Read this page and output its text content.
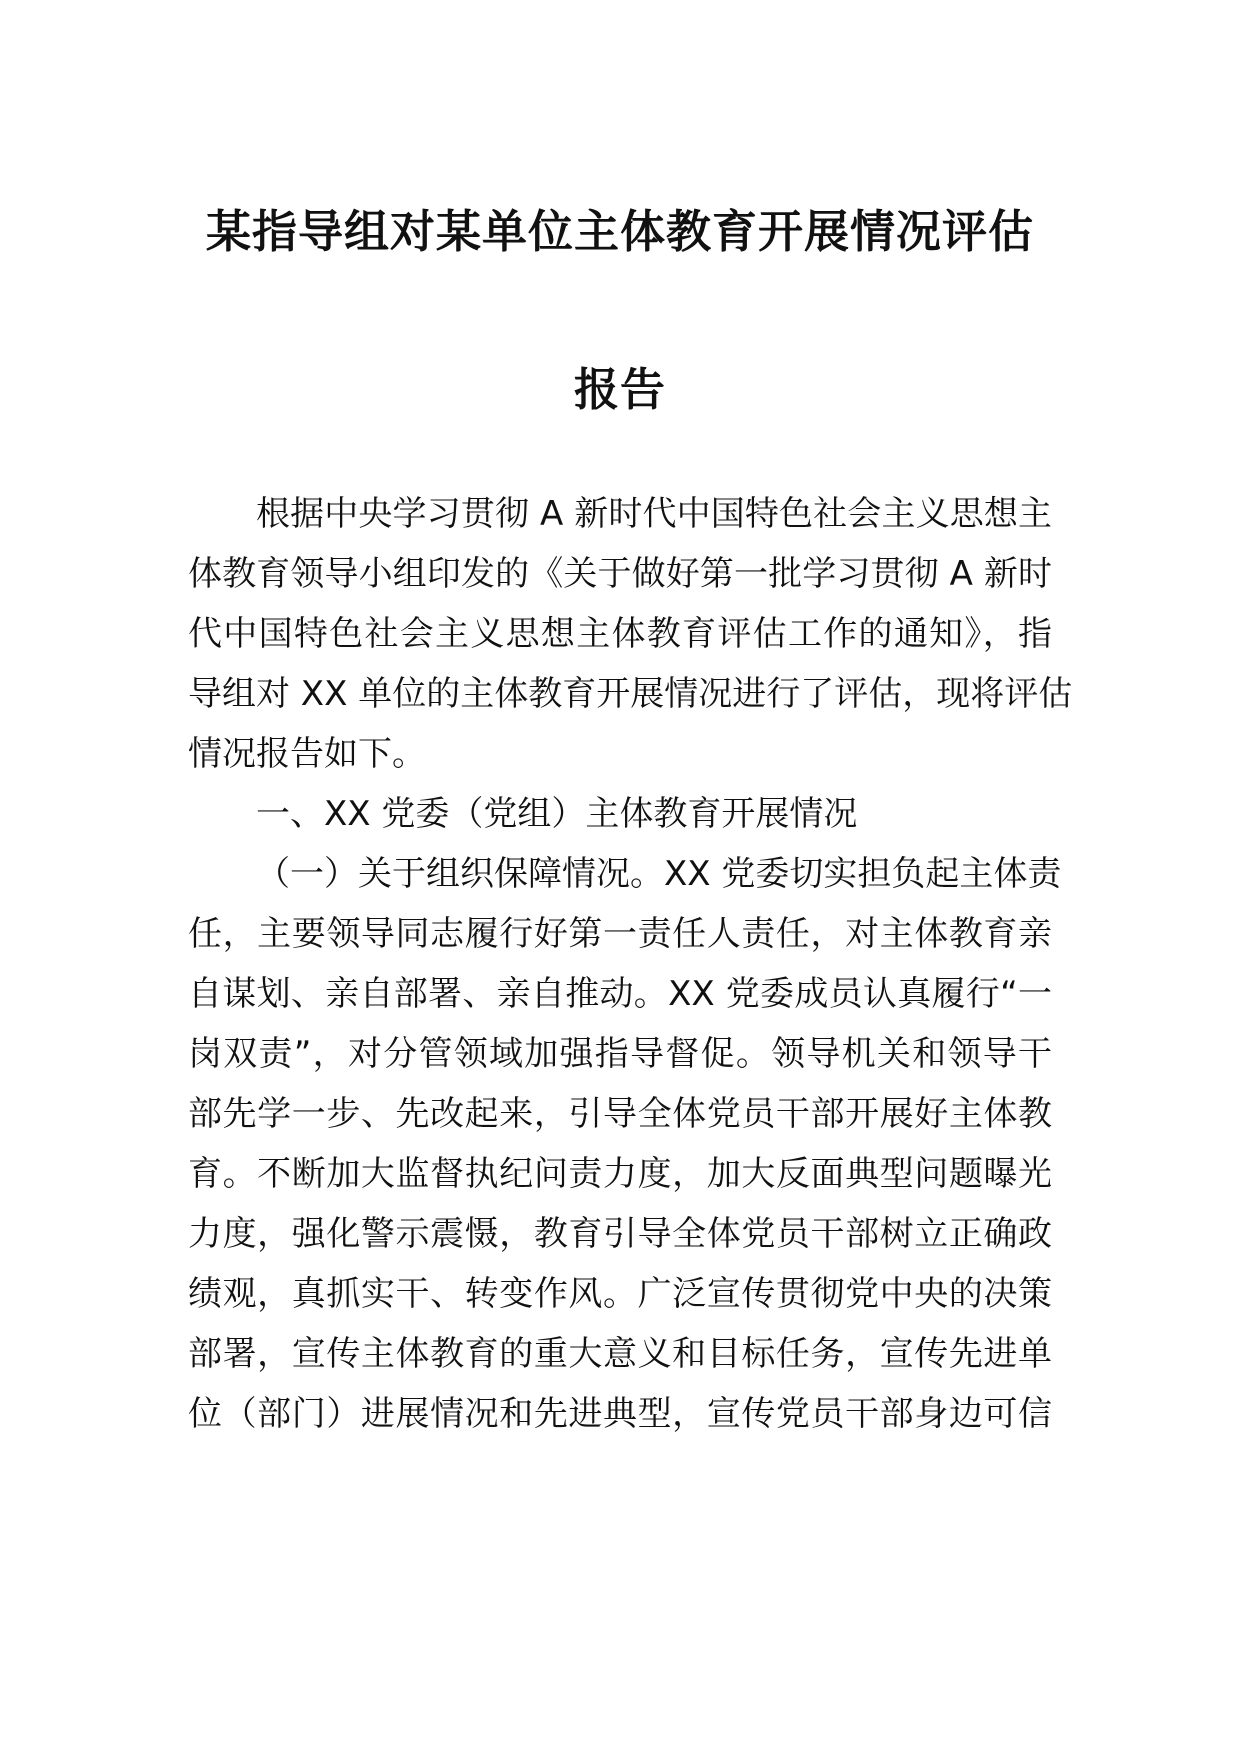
某指导组对某单位主体教育开展情况评估
报告
根据中央学习贯彻 A 新时代中国特色社会主义思想主
体教育领导小组印发的《关于做好第一批学习贯彻 A 新时
代中国特色社会主义思想主体教育评估工作的通知》，指
导组对 XX 单位的主体教育开展情况进行了评估，现将评估
情况报告如下。
一、XX 党委（党组）主体教育开展情况
（一）关于组织保障情况。XX 党委切实担负起主体责
任，主要领导同志履行好第一责任人责任，对主体教育亲
自谋划、亲自部署、亲自推动。XX 党委成员认真履行“一
岗双责”，对分管领域加强指导督促。领导机关和领导干
部先学一步、先改起来，引导全体党员干部开展好主体教
育。不断加大监督执纪问责力度，加大反面典型问题曝光
力度，强化警示震慑，教育引导全体党员干部树立正确政
绩观，真抓实干、转变作风。广泛宣传贯彻党中央的决策
部署，宣传主体教育的重大意义和目标任务，宣传先进单
位（部门）进展情况和先进典型，宣传党员干部身边可信
